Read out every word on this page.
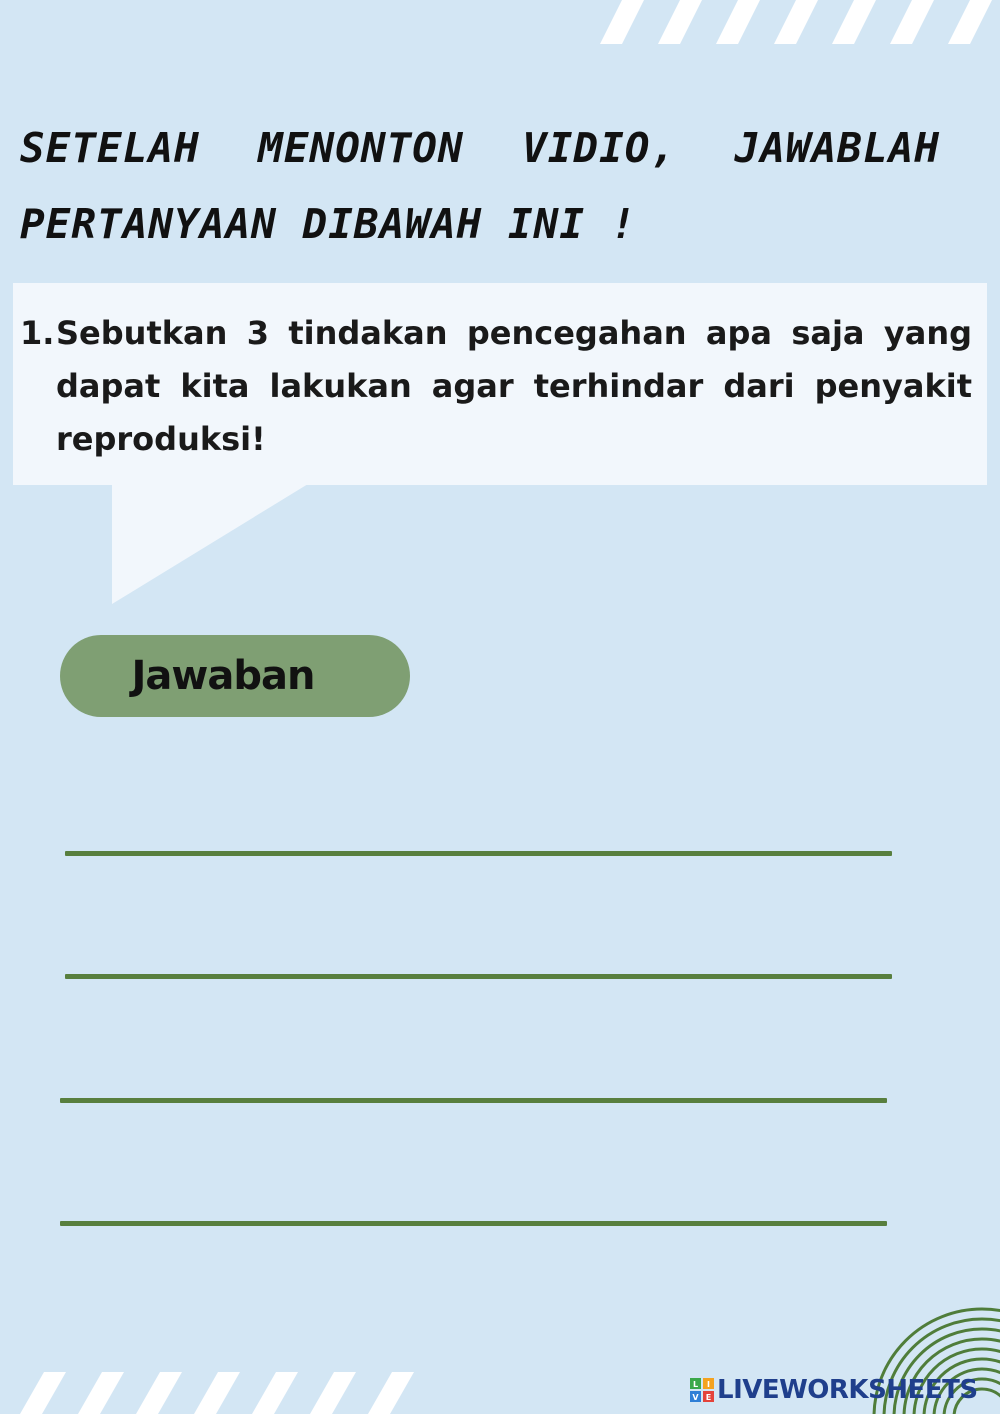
SETELAH MENONTON VIDIO, JAWABLAH PERTANYAAN DIBAWAH INI !
1. Sebutkan 3 tindakan pencegahan apa saja yang dapat kita lakukan agar terhindar dari penyakit reproduksi!
Jawaban
L I
V E LIVEWORKSHEETS
